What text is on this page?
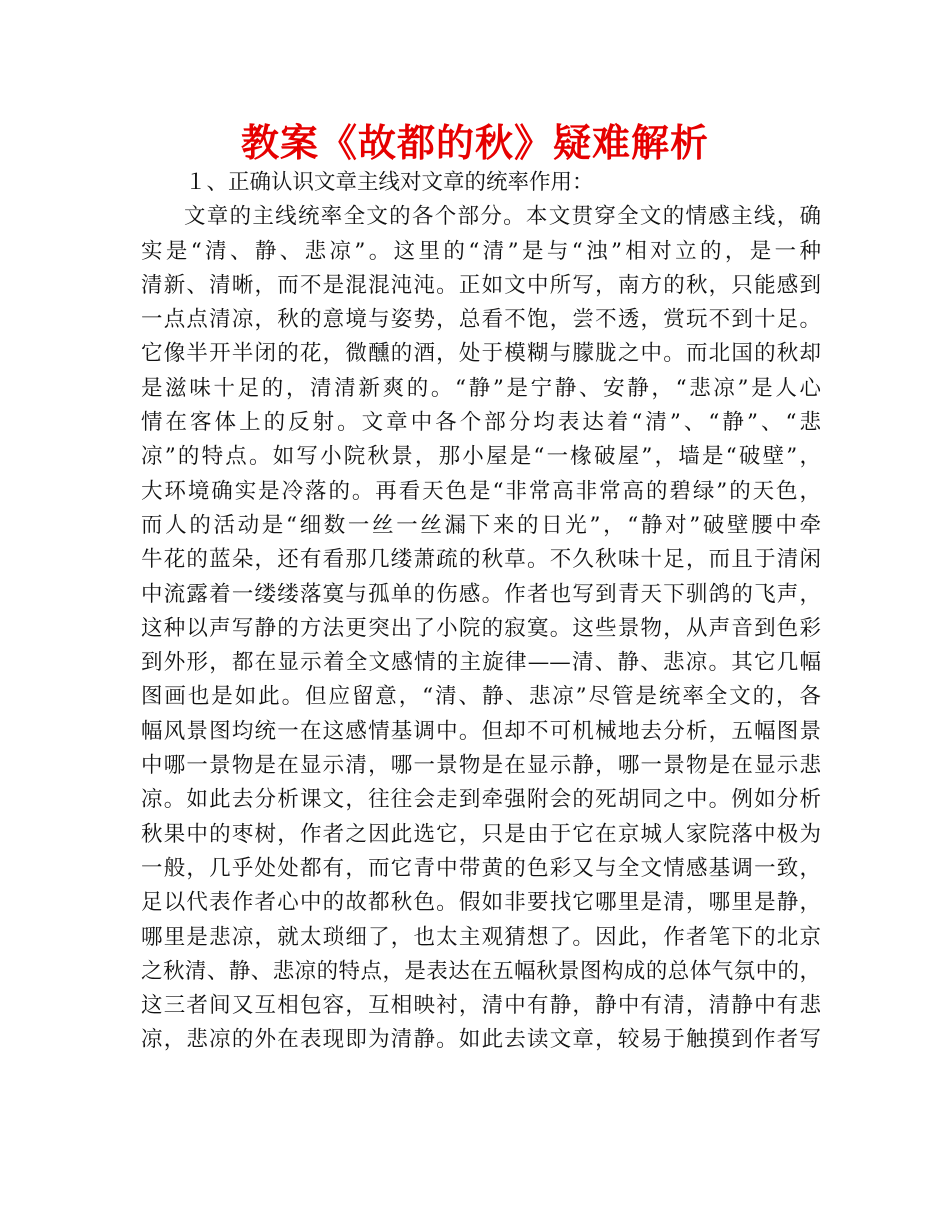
教案《故都的秋》疑难解析
１、正确认识文章主线对文章的统率作用：
文章的主线统率全文的各个部分。本文贯穿全文的情感主线，确
实是“清、静、悲凉”。这里的“清”是与“浊”相对立的，是一种
清新、清晰，而不是混混沌沌。正如文中所写，南方的秋，只能感到
一点点清凉，秋的意境与姿势，总看不饱，尝不透，赏玩不到十足。
它像半开半闭的花，微醺的酒，处于模糊与朦胧之中。而北国的秋却
是滋味十足的，清清新爽的。“静”是宁静、安静，“悲凉”是人心
情在客体上的反射。文章中各个部分均表达着“清”、“静”、“悲
凉”的特点。如写小院秋景，那小屋是“一椽破屋”，墙是“破壁”，
大环境确实是冷落的。再看天色是“非常高非常高的碧绿”的天色，
而人的活动是“细数一丝一丝漏下来的日光”，“静对”破壁腰中牵
牛花的蓝朵，还有看那几缕萧疏的秋草。不久秋味十足，而且于清闲
中流露着一缕缕落寞与孤单的伤感。作者也写到青天下驯鸽的飞声，
这种以声写静的方法更突出了小院的寂寞。这些景物，从声音到色彩
到外形，都在显示着全文感情的主旋律——清、静、悲凉。其它几幅
图画也是如此。但应留意，“清、静、悲凉”尽管是统率全文的，各
幅风景图均统一在这感情基调中。但却不可机械地去分析，五幅图景
中哪一景物是在显示清，哪一景物是在显示静，哪一景物是在显示悲
凉。如此去分析课文，往往会走到牵强附会的死胡同之中。例如分析
秋果中的枣树，作者之因此选它，只是由于它在京城人家院落中极为
一般，几乎处处都有，而它青中带黄的色彩又与全文情感基调一致，
足以代表作者心中的故都秋色。假如非要找它哪里是清，哪里是静，
哪里是悲凉，就太琐细了，也太主观猜想了。因此，作者笔下的北京
之秋清、静、悲凉的特点，是表达在五幅秋景图构成的总体气氛中的，
这三者间又互相包容，互相映衬，清中有静，静中有清，清静中有悲
凉，悲凉的外在表现即为清静。如此去读文章，较易于触摸到作者写
